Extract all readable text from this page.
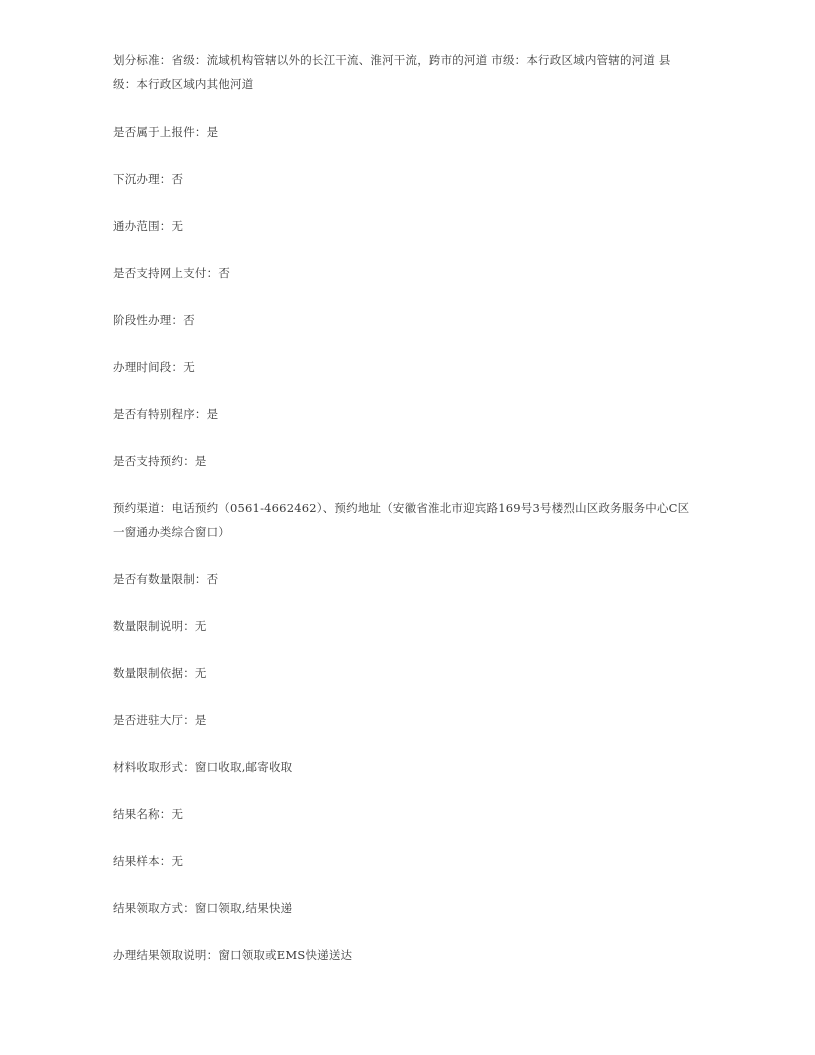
划分标准：省级：流域机构管辖以外的长江干流、淮河干流，跨市的河道 市级：本行政区域内管辖的河道 县级：本行政区域内其他河道
是否属于上报件：是
下沉办理：否
通办范围：无
是否支持网上支付：否
阶段性办理：否
办理时间段：无
是否有特别程序：是
是否支持预约：是
预约渠道：电话预约（0561-4662462）、预约地址（安徽省淮北市迎宾路169号3号楼烈山区政务服务中心C区一窗通办类综合窗口）
是否有数量限制：否
数量限制说明：无
数量限制依据：无
是否进驻大厅：是
材料收取形式：窗口收取,邮寄收取
结果名称：无
结果样本：无
结果领取方式：窗口领取,结果快递
办理结果领取说明：窗口领取或EMS快递送达
